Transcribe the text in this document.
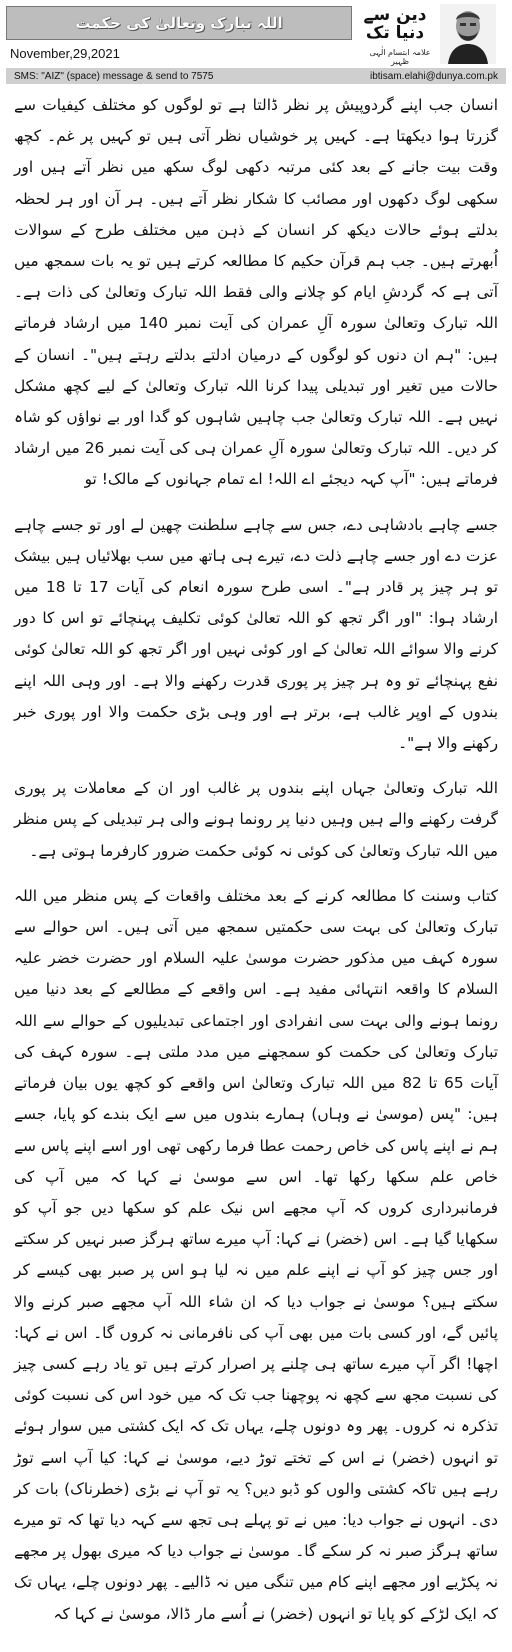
اللہ تبارک وتعالیٰ کی حکمت
November,29,2021
دین سے دنیا تک
علامہ ابتسام الٰہی ظہیر
SMS: "AIZ" (space) message & send to 7575	ibtisam.elahi@dunya.com.pk

انسان جب اپنے گردوپیش پر نظر ڈالتا ہے تو لوگوں کو مختلف کیفیات سے گزرتا ہوا دیکھتا ہے۔ کہیں پر خوشیاں نظر آتی ہیں تو کہیں پر غم۔ کچھ وقت بیت جانے کے بعد کئی مرتبہ دکھی لوگ سکھ میں نظر آتے ہیں اور سکھی لوگ دکھوں اور مصائب کا شکار نظر آتے ہیں۔ ہر آن اور ہر لحظہ بدلتے ہوئے حالات دیکھ کر انسان کے ذہن میں مختلف طرح کے سوالات اُبھرتے ہیں۔ جب ہم قرآن حکیم کا مطالعہ کرتے ہیں تو یہ بات سمجھ میں آتی ہے کہ گردشِ ایام کو چلانے والی فقط اللہ تبارک وتعالیٰ کی ذات ہے۔ اللہ تبارک وتعالیٰ سورہ آلِ عمران کی آیت نمبر 140 میں ارشاد فرماتے ہیں: "ہم ان دنوں کو لوگوں کے درمیان ادلتے بدلتے رہتے ہیں"۔ انسان کے حالات میں تغیر اور تبدیلی پیدا کرنا اللہ تبارک وتعالیٰ کے لیے کچھ مشکل نہیں ہے۔ اللہ تبارک وتعالیٰ جب چاہیں شاہوں کو گدا اور بے نواؤں کو شاہ کر دیں۔ اللہ تبارک وتعالیٰ سورہ آلِ عمران ہی کی آیت نمبر 26 میں ارشاد فرماتے ہیں: "آپ کہہ دیجئے اے اللہ! اے تمام جہانوں کے مالک! تو

جسے چاہے بادشاہی دے، جس سے چاہے سلطنت چھین لے اور تو جسے چاہے عزت دے اور جسے چاہے ذلت دے، تیرے ہی ہاتھ میں سب بھلائیاں ہیں بیشک تو ہر چیز پر قادر ہے"۔ اسی طرح سورہ انعام کی آیات 17 تا 18 میں ارشاد ہوا: "اور اگر تجھ کو اللہ تعالیٰ کوئی تکلیف پہنچائے تو اس کا دور کرنے والا سوائے اللہ تعالیٰ کے اور کوئی نہیں اور اگر تجھ کو اللہ تعالیٰ کوئی نفع پہنچائے تو وہ ہر چیز پر پوری قدرت رکھنے والا ہے۔ اور وہی اللہ اپنے بندوں کے اوپر غالب ہے، برتر ہے اور وہی بڑی حکمت والا اور پوری خبر رکھنے والا ہے"۔

اللہ تبارک وتعالیٰ جہاں اپنے بندوں پر غالب اور ان کے معاملات پر پوری گرفت رکھنے والے ہیں وہیں دنیا پر رونما ہونے والی ہر تبدیلی کے پس منظر میں اللہ تبارک وتعالیٰ کی کوئی نہ کوئی حکمت ضرور کارفرما ہوتی ہے۔

کتاب وسنت کا مطالعہ کرنے کے بعد مختلف واقعات کے پس منظر میں اللہ تبارک وتعالیٰ کی بہت سی حکمتیں سمجھ میں آتی ہیں۔ اس حوالے سے سورہ کہف میں مذکور حضرت موسیٰ علیہ السلام اور حضرت خضر علیہ السلام کا واقعہ انتہائی مفید ہے۔ اس واقعے کے مطالعے کے بعد دنیا میں رونما ہونے والی بہت سی انفرادی اور اجتماعی تبدیلیوں کے حوالے سے اللہ تبارک وتعالیٰ کی حکمت کو سمجھنے میں مدد ملتی ہے۔ سورہ کہف کی آیات 65 تا 82 میں اللہ تبارک وتعالیٰ اس واقعے کو کچھ یوں بیان فرماتے ہیں: "پس (موسیٰ نے وہاں) ہمارے بندوں میں سے ایک بندے کو پایا، جسے ہم نے اپنے پاس کی خاص رحمت عطا فرما رکھی تھی اور اسے اپنے پاس سے خاص علم سکھا رکھا تھا۔ اس سے موسیٰ نے کہا کہ میں آپ کی فرمانبرداری کروں کہ آپ مجھے اس نیک علم کو سکھا دیں جو آپ کو سکھایا گیا ہے۔ اس (خضر) نے کہا: آپ میرے ساتھ ہرگز صبر نہیں کر سکتے اور جس چیز کو آپ نے اپنے علم میں نہ لیا ہو اس پر صبر بھی کیسے کر سکتے ہیں؟ موسیٰ نے جواب دیا کہ ان شاء اللہ آپ مجھے صبر کرنے والا پائیں گے، اور کسی بات میں بھی آپ کی نافرمانی نہ کروں گا۔ اس نے کہا: اچھا! اگر آپ میرے ساتھ ہی چلنے پر اصرار کرتے ہیں تو یاد رہے کسی چیز کی نسبت مجھ سے کچھ نہ پوچھنا جب تک کہ میں خود اس کی نسبت کوئی تذکرہ نہ کروں۔ پھر وہ دونوں چلے، یہاں تک کہ ایک کشتی میں سوار ہوئے تو انہوں (خضر) نے اس کے تختے توڑ دیے، موسیٰ نے کہا: کیا آپ اسے توڑ رہے ہیں تاکہ کشتی والوں کو ڈبو دیں؟ یہ تو آپ نے بڑی (خطرناک) بات کر دی۔ انہوں نے جواب دیا: میں نے تو پہلے ہی تجھ سے کہہ دیا تھا کہ تو میرے ساتھ ہرگز صبر نہ کر سکے گا۔ موسیٰ نے جواب دیا کہ میری بھول پر مجھے نہ پکڑیے اور مجھے اپنے کام میں تنگی میں نہ ڈالیے۔ پھر دونوں چلے، یہاں تک کہ ایک لڑکے کو پایا تو انہوں (خضر) نے اُسے مار ڈالا، موسیٰ نے کہا کہ
